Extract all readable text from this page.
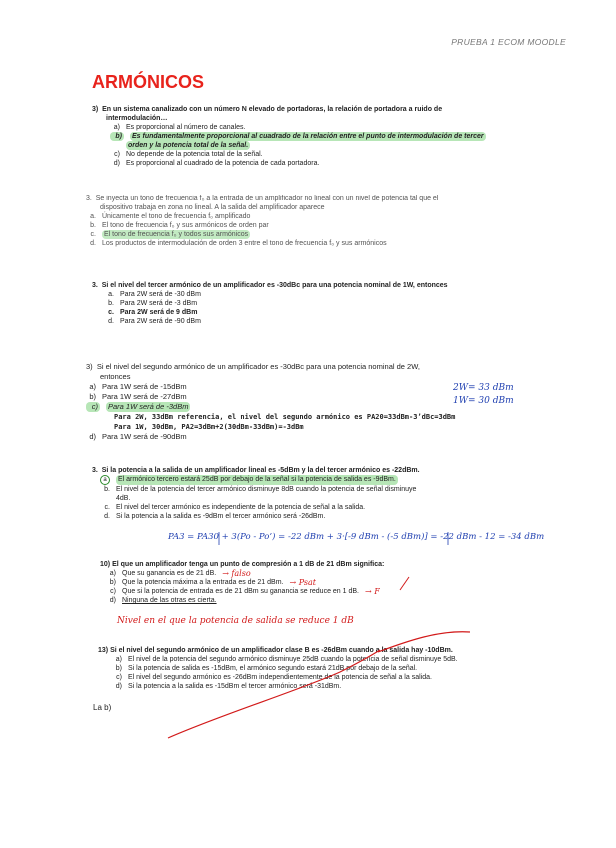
PRUEBA 1 ECOM MOODLE
ARMÓNICOS
3) En un sistema canalizado con un número N elevado de portadoras, la relación de portadora a ruido de
intermodulación…
a) Es proporcional al número de canales.
b) Es fundamentalmente proporcional al cuadrado de la relación entre el punto de intermodulación de tercer
orden y la potencia total de la señal.
c) No depende de la potencia total de la señal.
d) Es proporcional al cuadrado de la potencia de cada portadora.
3. Se inyecta un tono de frecuencia f₀ a la entrada de un amplificador no lineal con un nivel de potencia tal que el
dispositivo trabaja en zona no lineal. A la salida del amplificador aparece
a. Únicamente el tono de frecuencia f₀ amplificado
b. El tono de frecuencia f₀ y sus armónicos de orden par
c. El tono de frecuencia f₀ y todos sus armónicos
d. Los productos de intermodulación de orden 3 entre el tono de frecuencia f₀ y sus armónicos
3. Si el nivel del tercer armónico de un amplificador es -30dBc para una potencia nominal de 1W, entonces
a. Para 2W será de -30 dBm
b. Para 2W será de -3 dBm
c. Para 2W será de 9 dBm
d. Para 2W será de -90 dBm
3) Si el nivel del segundo armónico de un amplificador es -30dBc para una potencia nominal de 2W,
entonces
a) Para 1W será de -15dBm
b) Para 1W será de -27dBm
c) Para 1W será de -3dBm
Para 2W, 33dBm referencia, el nivel del segundo armónico es PA20=33dBm-3’dBc=3dBm
Para 1W, 30dBm, PA2=3dBm+2(30dBm-33dBm)=-3dBm
d) Para 1W será de -90dBm
2W= 33 dBm
1W= 30 dBm
3. Si la potencia a la salida de un amplificador lineal es -5dBm y la del tercer armónico es -22dBm.
a	El armónico tercero estará 25dB por debajo de la señal si la potencia de salida es -9dBm.
b. El nivel de la potencia del tercer armónico disminuye 8dB cuando la potencia de señal disminuye
4dB.
c. El nivel del tercer armónico es independiente de la potencia de señal a la salida.
d. Si la potencia a la salida es -9dBm el tercer armónico será -26dBm.
PA3 = PA30 + 3(Po - Po’) = -22 dBm + 3·[-9 dBm - (-5 dBm)] = -22 dBm - 12 = -34 dBm
10) El que un amplificador tenga un punto de compresión a 1 dB de 21 dBm significa:
a) Que su ganancia es de 21 dB. → falso
b) Que la potencia máxima a la entrada es de 21 dBm. → Psat
c) Que si la potencia de entrada es de 21 dBm su ganancia se reduce en 1 dB. → F
d) Ninguna de las otras es cierta.
Nivel en el que la potencia de salida se reduce 1 dB
13) Si el nivel del segundo armónico de un amplificador clase B es -26dBm cuando a la salida hay -10dBm.
a) El nivel de la potencia del segundo armónico disminuye 25dB cuando la potencia de señal disminuye 5dB.
b) Si la potencia de salida es -15dBm, el armónico segundo estará 21dB por debajo de la señal.
c) El nivel del segundo armónico es -26dBm independientemente de la potencia de señal a la salida.
d) Si la potencia a la salida es -15dBm el tercer armónico será -31dBm.
La b)
